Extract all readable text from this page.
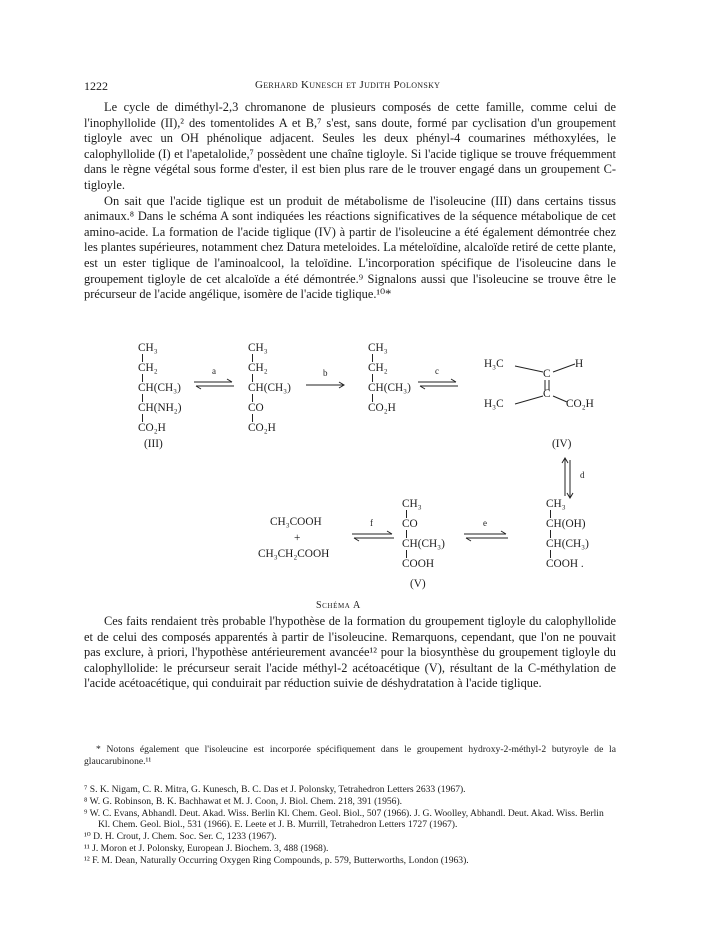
1222	Gerhard Kunesch et Judith Polonsky

Le cycle de diméthyl-2,3 chromanone de plusieurs composés de cette famille, comme celui de l'inophyllolide (II),² des tomentolides A et B,⁷ s'est, sans doute, formé par cyclisation d'un groupement tigloyle avec un OH phénolique adjacent. Seules les deux phényl-4 coumarines méthoxylées, le calophyllolide (I) et l'apetalolide,⁷ possèdent une chaîne tigloyle. Si l'acide tiglique se trouve fréquemment dans le règne végétal sous forme d'ester, il est bien plus rare de le trouver engagé dans un groupement C-tigloyle.

On sait que l'acide tiglique est un produit de métabolisme de l'isoleucine (III) dans certains tissus animaux.⁸ Dans le schéma A sont indiquées les réactions significatives de la séquence métabolique de cet amino-acide. La formation de l'acide tiglique (IV) à partir de l'isoleucine a été également démontrée chez les plantes supérieures, notamment chez Datura meteloides. La mételoïdine, alcaloïde retiré de cette plante, est un ester tiglique de l'aminoalcool, la teloïdine. L'incorporation spécifique de l'isoleucine dans le groupement tigloyle de cet alcaloïde a été démontrée.⁹ Signalons aussi que l'isoleucine se trouve être le précurseur de l'acide angélique, isomère de l'acide tiglique.¹⁰*

CH₃
CH₂
CH(CH₃)
CH(NH₂)
CO₂H
(III)
a
CH₃
CH₂
CH(CH₃)
CO
CO₂H
b
CH₃
CH₂
CH(CH₃)
CO₂H
c
H₃C	H
C
C
H₃C	CO₂H
(IV)
d
CH₃COOH
+
CH₃CH₂COOH
f
CH₃
CO
CH(CH₃)
COOH
(V)
e
CH₃
CH(OH)
CH(CH₃)
COOH .
Schéma A

Ces faits rendaient très probable l'hypothèse de la formation du groupement tigloyle du calophyllolide et de celui des composés apparentés à partir de l'isoleucine. Remarquons, cependant, que l'on ne pouvait pas exclure, à priori, l'hypothèse antérieurement avancée¹² pour la biosynthèse du groupement tigloyle du calophyllolide: le précurseur serait l'acide méthyl-2 acétoacétique (V), résultant de la C-méthylation de l'acide acétoacétique, qui conduirait par réduction suivie de déshydratation à l'acide tiglique.

* Notons également que l'isoleucine est incorporée spécifiquement dans le groupement hydroxy-2-méthyl-2 butyroyle de la glaucarubinone.¹¹

⁷ S. K. Nigam, C. R. Mitra, G. Kunesch, B. C. Das et J. Polonsky, Tetrahedron Letters 2633 (1967).
⁸ W. G. Robinson, B. K. Bachhawat et M. J. Coon, J. Biol. Chem. 218, 391 (1956).
⁹ W. C. Evans, Abhandl. Deut. Akad. Wiss. Berlin Kl. Chem. Geol. Biol., 507 (1966). J. G. Woolley, Abhandl. Deut. Akad. Wiss. Berlin Kl. Chem. Geol. Biol., 531 (1966). E. Leete et J. B. Murrill, Tetrahedron Letters 1727 (1967).
¹⁰ D. H. Crout, J. Chem. Soc. Ser. C, 1233 (1967).
¹¹ J. Moron et J. Polonsky, European J. Biochem. 3, 488 (1968).
¹² F. M. Dean, Naturally Occurring Oxygen Ring Compounds, p. 579, Butterworths, London (1963).
